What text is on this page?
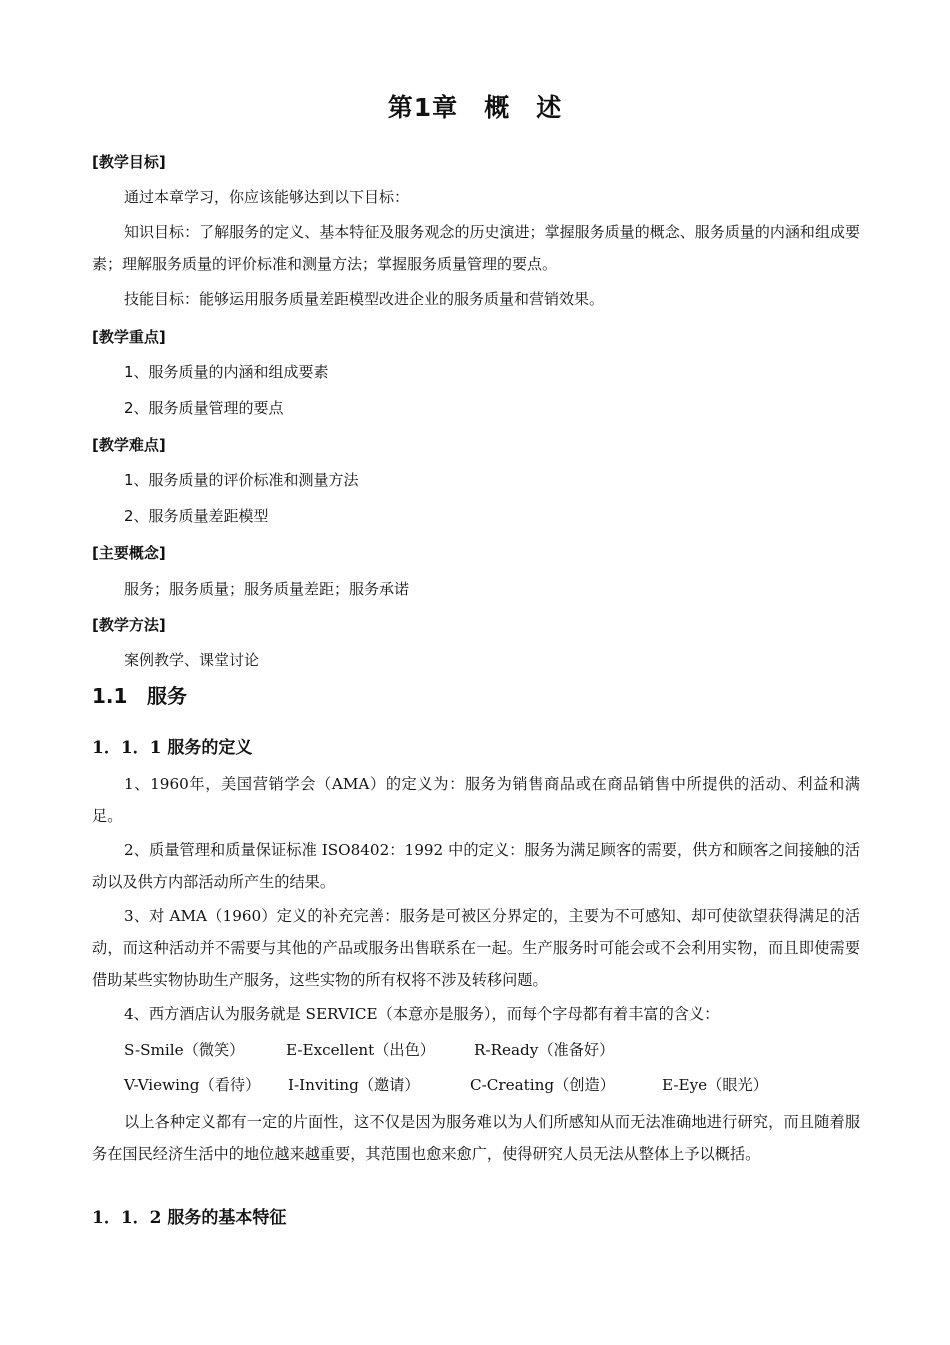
第1章 概　述
[教学目标]
通过本章学习，你应该能够达到以下目标：
知识目标：了解服务的定义、基本特征及服务观念的历史演进；掌握服务质量的概念、服务质量的内涵和组成要素；理解服务质量的评价标准和测量方法；掌握服务质量管理的要点。
技能目标：能够运用服务质量差距模型改进企业的服务质量和营销效果。
[教学重点]
1、服务质量的内涵和组成要素
2、服务质量管理的要点
[教学难点]
1、服务质量的评价标准和测量方法
2、服务质量差距模型
[主要概念]
服务；服务质量；服务质量差距；服务承诺
[教学方法]
案例教学、课堂讨论
1.1 服务
1．1．1 服务的定义
1、1960年，美国营销学会（AMA）的定义为：服务为销售商品或在商品销售中所提供的活动、利益和满足。
2、质量管理和质量保证标准 ISO8402：1992 中的定义：服务为满足顾客的需要，供方和顾客之间接触的活动以及供方内部活动所产生的结果。
3、对 AMA（1960）定义的补充完善：服务是可被区分界定的，主要为不可感知、却可使欲望获得满足的活动，而这种活动并不需要与其他的产品或服务出售联系在一起。生产服务时可能会或不会利用实物，而且即使需要借助某些实物协助生产服务，这些实物的所有权将不涉及转移问题。
4、西方酒店认为服务就是 SERVICE（本意亦是服务），而每个字母都有着丰富的含义：
S-Smile（微笑）	E-Excellent（出色）	R-Ready（准备好）
V-Viewing（看待） I-Inviting（邀请）	C-Creating（创造）	E-Eye（眼光）
以上各种定义都有一定的片面性，这不仅是因为服务难以为人们所感知从而无法准确地进行研究，而且随着服务在国民经济生活中的地位越来越重要，其范围也愈来愈广，使得研究人员无法从整体上予以概括。
1．1．2 服务的基本特征
